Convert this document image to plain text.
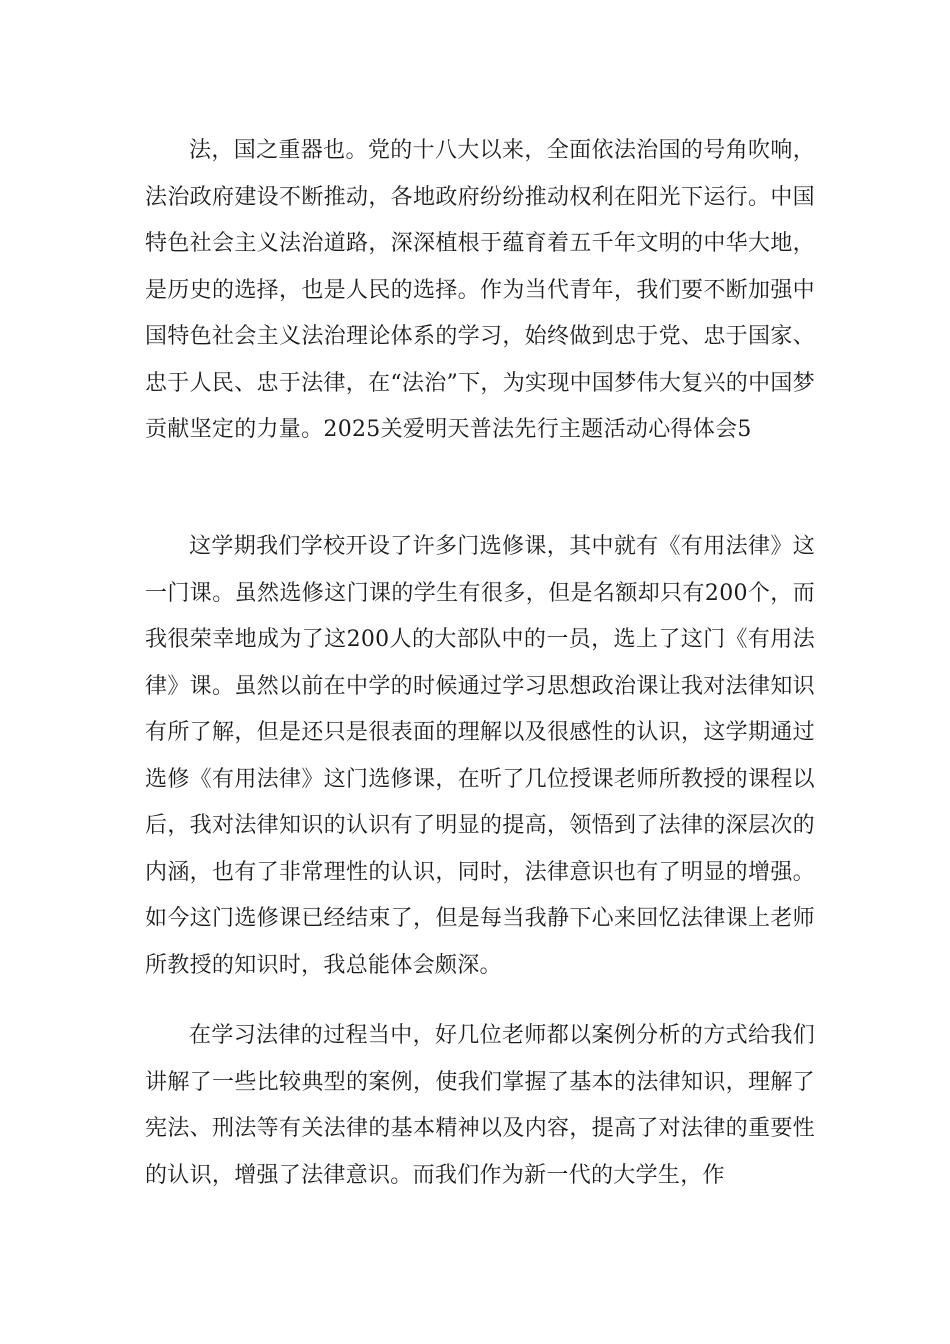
法，国之重器也。党的十八大以来，全面依法治国的号角吹响，法治政府建设不断推动，各地政府纷纷推动权利在阳光下运行。中国特色社会主义法治道路，深深植根于蕴育着五千年文明的中华大地，是历史的选择，也是人民的选择。作为当代青年，我们要不断加强中国特色社会主义法治理论体系的学习，始终做到忠于党、忠于国家、忠于人民、忠于法律，在“法治”下，为实现中国梦伟大复兴的中国梦贡献坚定的力量。2025关爱明天普法先行主题活动心得体会5

这学期我们学校开设了许多门选修课，其中就有《有用法律》这一门课。虽然选修这门课的学生有很多，但是名额却只有200个，而我很荣幸地成为了这200人的大部队中的一员，选上了这门《有用法律》课。虽然以前在中学的时候通过学习思想政治课让我对法律知识有所了解，但是还只是很表面的理解以及很感性的认识，这学期通过选修《有用法律》这门选修课，在听了几位授课老师所教授的课程以后，我对法律知识的认识有了明显的提高，领悟到了法律的深层次的内涵，也有了非常理性的认识，同时，法律意识也有了明显的增强。如今这门选修课已经结束了，但是每当我静下心来回忆法律课上老师所教授的知识时，我总能体会颇深。

在学习法律的过程当中，好几位老师都以案例分析的方式给我们讲解了一些比较典型的案例，使我们掌握了基本的法律知识，理解了宪法、刑法等有关法律的基本精神以及内容，提高了对法律的重要性的认识，增强了法律意识。而我们作为新一代的大学生，作
